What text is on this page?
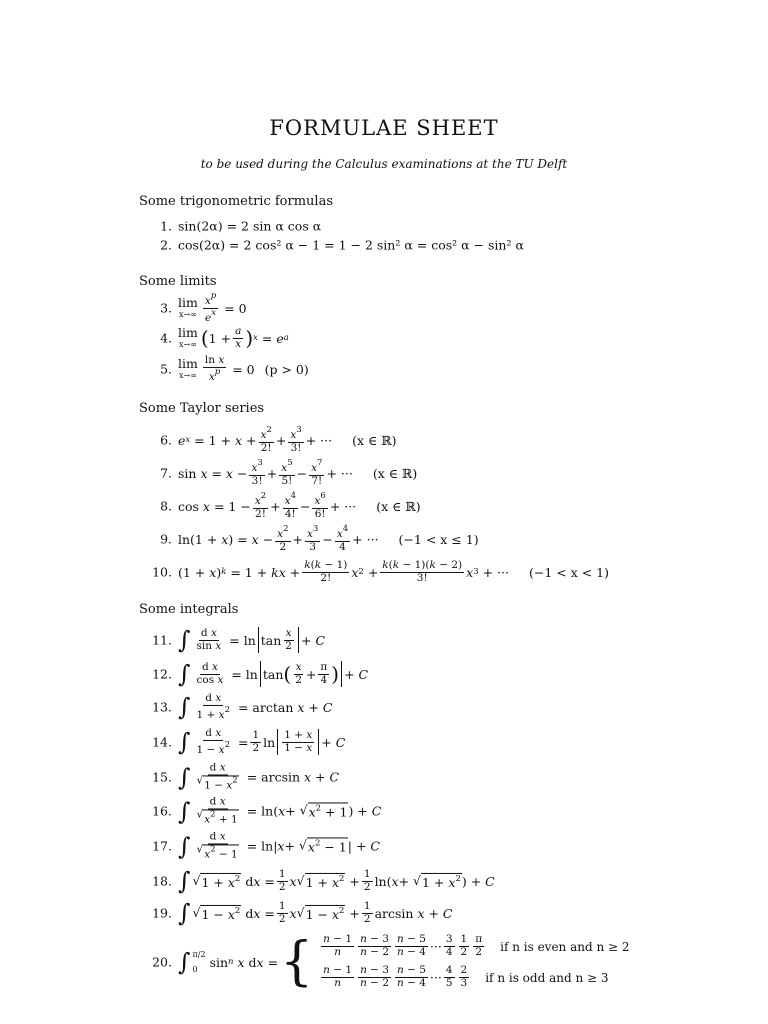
FORMULAE SHEET
to be used during the Calculus examinations at the TU Delft
Some trigonometric formulas
1. sin(2α) = 2 sin α cos α
2. cos(2α) = 2 cos² α − 1 = 1 − 2 sin² α = cos² α − sin² α
Some limits
3. lim
$x\to\infty \frac{x^p}{e^x} = 0$
4. lim
x→∞ ( $1 + \frac{a}{x}$ ) x = e a
5. lim
$x\to\infty \frac{\text{ln x}}{x^p} = 0$ (p > 0)
Some Taylor series
6. e $x = 1 + x + \frac{x^2}{2!} + \frac{x^3}{3!}$ + ··· (x ∈ ℝ)
7. $\sin x = x - \frac{x^3}{3!} + \frac{x^5}{5!} - \frac{x^7}{7!}$ + ··· (x ∈ ℝ)
8. $\cos x = 1 - \frac{x^2}{2!} + \frac{x^4}{4!} - \frac{x^6}{6!}$ + ··· (x ∈ ℝ)
9. ln(1 + x ) = $x - \frac{x^2}{2} + \frac{x^3}{3} - \frac{x^4}{4}$ + ··· (−1 < x ≤ 1)
10. (1 + x ) k = 1 + kx + $\frac{k(k - 1)}{2!}$ x $2 + \frac{k(k - 1)(k - 2)}{3!}$ x 3 + ··· (−1 < x < 1)
Some integrals
11. ∫ $\frac{\text{d x}}{\text{sin x}} = \ln \tan \frac{x}{2} + C$
12. ∫ $\frac{\text{d x}}{\text{cos x}} = \ln \tan$ ( $\frac{x}{2} + \frac{\pi}{4}$ ) + C
13. ∫ $\frac{\text{d x}}{1 + x^2} = \arctan x + C$
14. ∫ $\frac{\text{d x}}{1 - x^2} = \frac{1}{2}$ $\ln \frac{1 + x}{1 - x} + C$
15. ∫ $\frac{\text{d x}}{√ 1 - x^2} = \arcsin x + C$
16. ∫ $\frac{\text{d x}}{√ x^2 + 1} = \ln$( x + √ $x^2 + 1$ ) + C
17. ∫ $\frac{\text{d x}}{√ x^2 - 1} = \ln|$ x + √ $x^2 - 1$ | + C
18. ∫ √ $1 + x^2$ d $x = \frac{1}{2}$ x √ $1 + x^2 + \frac{1}{2} \ln$( x + √ $1 + x^2$ ) + C
19. ∫ √ $1 - x^2$ d $x = \frac{1}{2}$ x √ $1 - x^2 + \frac{1}{2}$ arcsin x + C
20. ∫ π/2
0 sin n
x d x = { $\frac{n - 1}{n} \frac{n - 3}{n - 2} \frac{n - 5}{n - 4}$ ··· $\frac{3}{4} \frac{1}{2} \frac{\pi}{2}$ if n is even and n ≥ 2
$\frac{n - 1}{n} \frac{n - 3}{n - 2} \frac{n - 5}{n - 4}$ ··· $\frac{4}{5} \frac{2}{3}$ if n is odd and n ≥ 3
